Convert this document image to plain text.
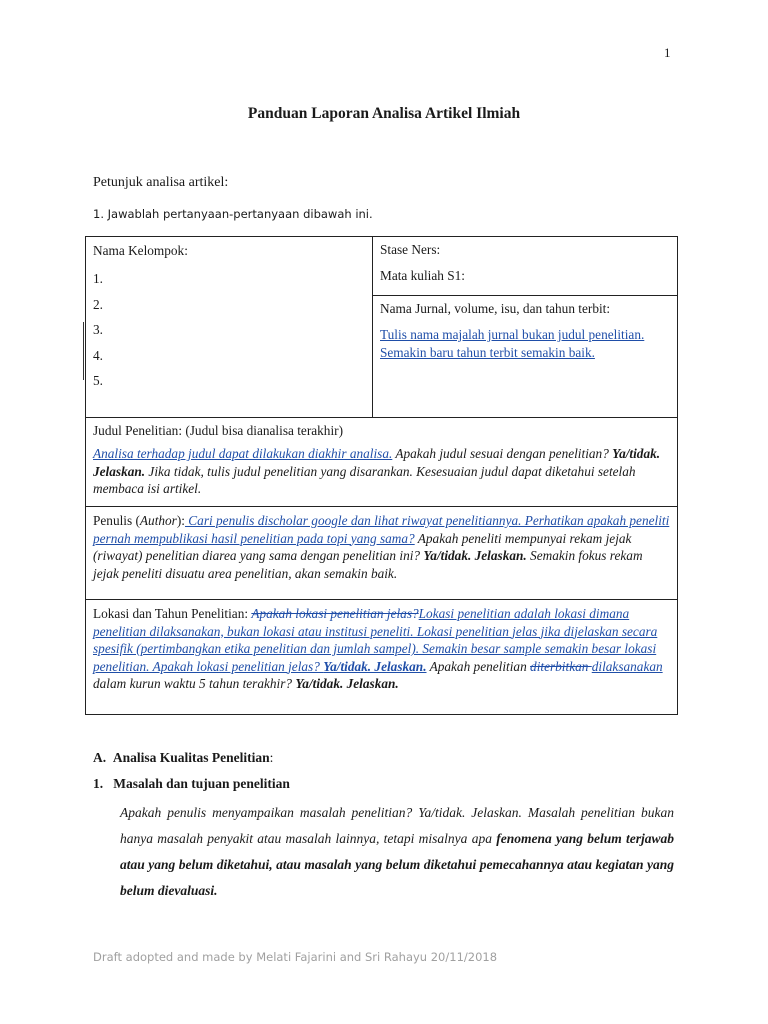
1
Panduan Laporan Analisa Artikel Ilmiah
Petunjuk analisa artikel:
1. Jawablah pertanyaan-pertanyaan dibawah ini.
Nama Kelompok:
1.
2.
3.
4.
5.

Stase Ners:
Mata kuliah S1:

Nama Jurnal, volume, isu, dan tahun terbit:
Tulis nama majalah jurnal bukan judul penelitian. Semakin baru tahun terbit semakin baik.

Judul Penelitian: (Judul bisa dianalisa terakhir)
Analisa terhadap judul dapat dilakukan diakhir analisa. Apakah judul sesuai dengan penelitian? Ya/tidak. Jelaskan. Jika tidak, tulis judul penelitian yang disarankan. Kesesuaian judul dapat diketahui setelah membaca isi artikel.

Penulis (Author): Cari penulis discholar google dan lihat riwayat penelitiannya. Perhatikan apakah peneliti pernah mempublikasi hasil penelitian pada topi yang sama? Apakah peneliti mempunyai rekam jejak (riwayat) penelitian diarea yang sama dengan penelitian ini? Ya/tidak. Jelaskan. Semakin fokus rekam jejak peneliti disuatu area penelitian, akan semakin baik.

Lokasi dan Tahun Penelitian: Apakah lokasi penelitian jelas?Lokasi penelitian adalah lokasi dimana penelitian dilaksanakan, bukan lokasi atau institusi peneliti. Lokasi penelitian jelas jika dijelaskan secara spesifik (pertimbangkan etika penelitian dan jumlah sampel). Semakin besar sample semakin besar lokasi penelitian. Apakah lokasi penelitian jelas? Ya/tidak. Jelaskan. Apakah penelitian diterbitkan dilaksanakan dalam kurun waktu 5 tahun terakhir? Ya/tidak. Jelaskan.
A. Analisa Kualitas Penelitian:
1. Masalah dan tujuan penelitian
Apakah penulis menyampaikan masalah penelitian? Ya/tidak. Jelaskan. Masalah penelitian bukan hanya masalah penyakit atau masalah lainnya, tetapi misalnya apa fenomena yang belum terjawab atau yang belum diketahui, atau masalah yang belum diketahui pemecahannya atau kegiatan yang belum dievaluasi.
Draft adopted and made by Melati Fajarini and Sri Rahayu 20/11/2018
